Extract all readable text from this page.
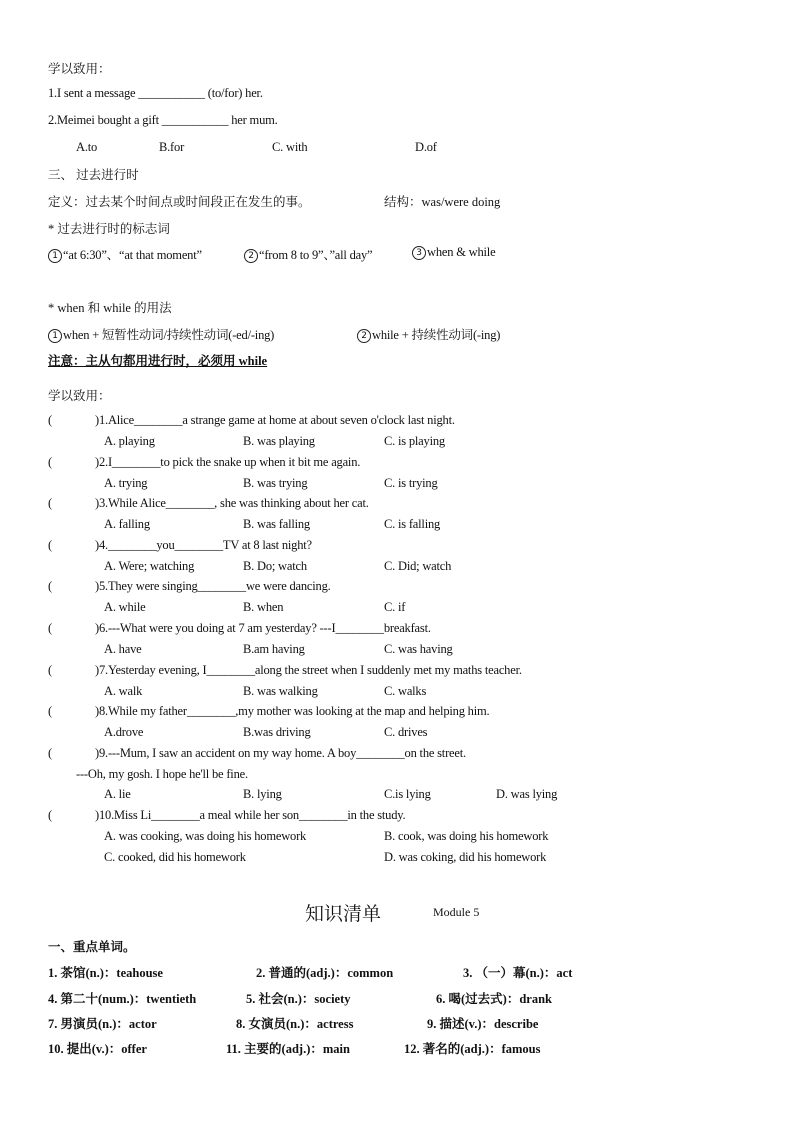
学以致用：
1.I sent a message ___________ (to/for) her.
2.Meimei bought a gift ___________ her mum.
A.to	B.for	C. with	D.of
三、 过去进行时
定义：过去某个时间点或时间段正在发生的事。	结构：was/were doing
* 过去进行时的标志词
1 “at 6:30”、“at that moment”	2 “from 8 to 9”、”all day”	3 when & while
* when 和 while 的用法
1 when + 短暂性动词/持续性动词(-ed/-ing)	2 while + 持续性动词(-ing)
注意：主从句都用进行时，必须用 while
学以致用：
(	)1.Alice________a strange game at home at about seven o'clock last night.
A. playing	B. was playing	C. is playing
(	)2.I________to pick the snake up when it bit me again.
A. trying	B. was trying	C. is trying
(	)3.While Alice________, she was thinking about her cat.
A. falling	B. was falling	C. is falling
(	)4.________you________TV at 8 last night?
A. Were; watching	B. Do; watch	C. Did; watch
(	)5.They were singing________we were dancing.
A. while	B. when	C. if
(	)6.---What were you doing at 7 am yesterday? ---I________breakfast.
A. have	B.am having	C. was having
(	)7.Yesterday evening, I________along the street when I suddenly met my maths teacher.
A. walk	B. was walking	C. walks
(	)8.While my father________,my mother was looking at the map and helping him.
A.drove	B.was driving	C. drives
(	)9.---Mum, I saw an accident on my way home. A boy________on the street.
---Oh, my gosh. I hope he'll be fine.
A. lie	B. lying	C.is lying	D. was lying
(	)10.Miss Li________a meal while her son________in the study.
A. was cooking, was doing his homework	B. cook, was doing his homework
C. cooked, did his homework	D. was coking, did his homework
知识清单	Module 5
一、重点单词。
1. 茶馆(n.)：teahouse	2. 普通的(adj.)：common	3. （一）幕(n.)：act
4. 第二十(num.)：twentieth	5. 社会(n.)：society	6. 喝(过去式)：drank
7. 男演员(n.)：actor	8. 女演员(n.)：actress	9. 描述(v.)：describe
10. 提出(v.)：offer	11. 主要的(adj.)：main	12. 著名的(adj.)：famous
